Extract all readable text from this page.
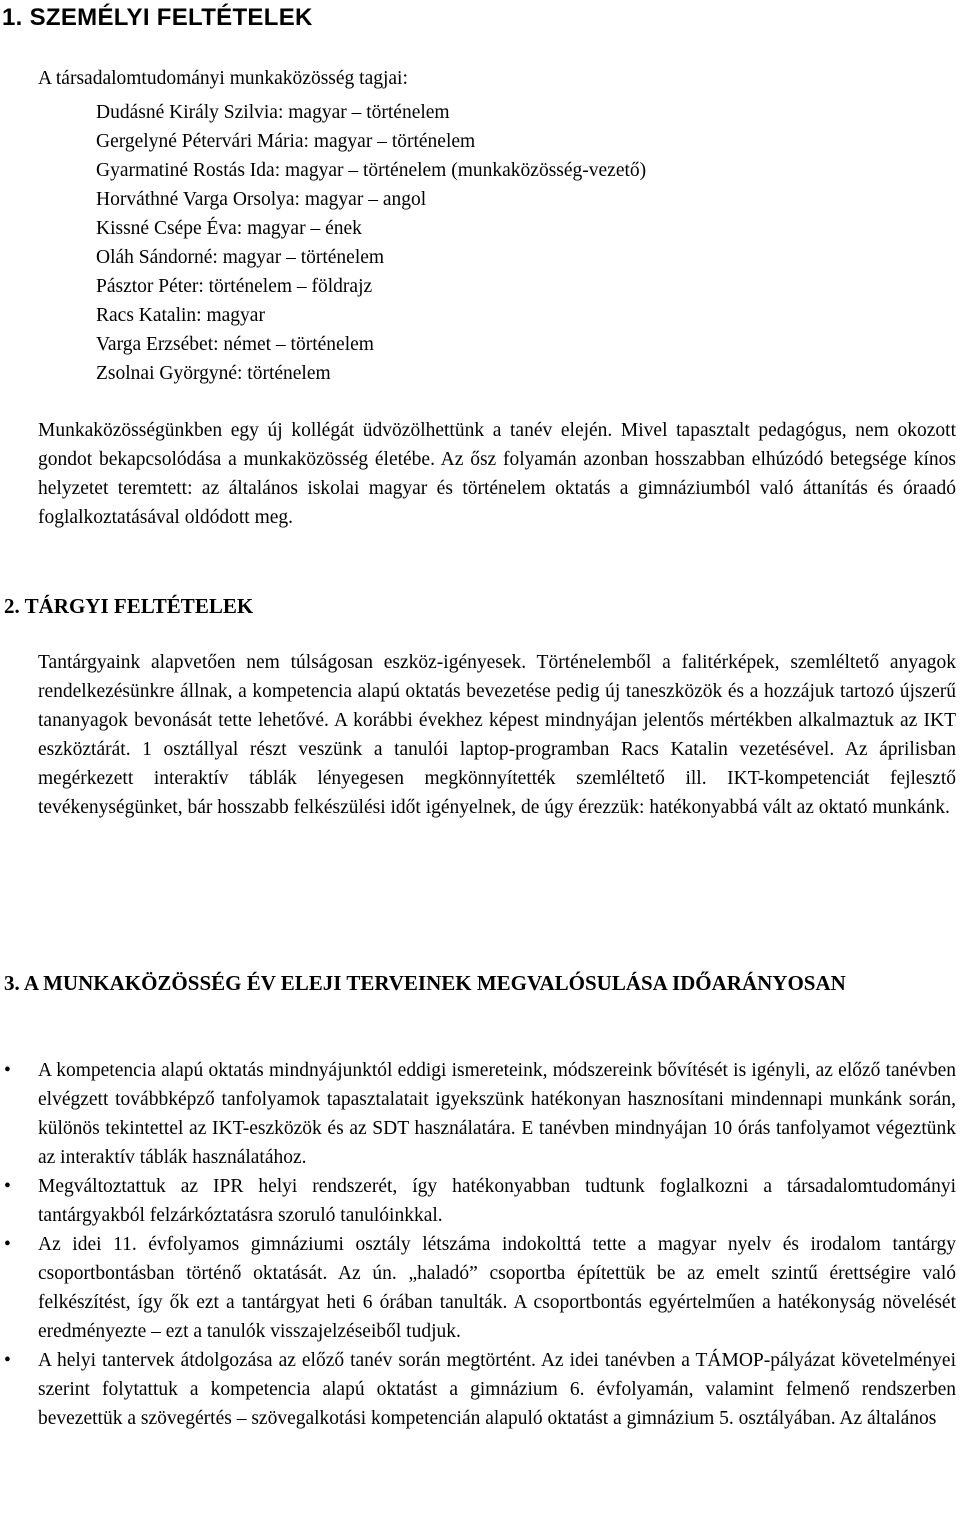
1. SZEMÉLYI FELTÉTELEK
A társadalomtudományi munkaközösség tagjai:
Dudásné Király Szilvia: magyar – történelem
Gergelyné Pétervári Mária: magyar – történelem
Gyarmatiné Rostás Ida: magyar – történelem (munkaközösség-vezető)
Horváthné Varga Orsolya: magyar – angol
Kissné Csépe Éva: magyar – ének
Oláh Sándorné: magyar – történelem
Pásztor Péter: történelem – földrajz
Racs Katalin: magyar
Varga Erzsébet: német – történelem
Zsolnai Györgyné: történelem
Munkaközösségünkben egy új kollégát üdvözölhettünk a tanév elején. Mivel tapasztalt pedagógus, nem okozott gondot bekapcsolódása a munkaközösség életébe. Az ősz folyamán azonban hosszabban elhúzódó betegsége kínos helyzetet teremtett: az általános iskolai magyar és történelem oktatás a gimnáziumból való áttanítás és óraadó foglalkoztatásával oldódott meg.
2. TÁRGYI FELTÉTELEK
Tantárgyaink alapvetően nem túlságosan eszköz-igényesek. Történelemből a falitérképek, szemléltető anyagok rendelkezésünkre állnak, a kompetencia alapú oktatás bevezetése pedig új taneszközök és a hozzájuk tartozó újszerű tananyagok bevonását tette lehetővé. A korábbi évekhez képest mindnyájan jelentős mértékben alkalmaztuk az IKT eszköztárát. 1 osztállyal részt veszünk a tanulói laptop-programban Racs Katalin vezetésével. Az áprilisban megérkezett interaktív táblák lényegesen megkönnyítették szemléltető ill. IKT-kompetenciát fejlesztő tevékenységünket, bár hosszabb felkészülési időt igényelnek, de úgy érezzük: hatékonyabbá vált az oktató munkánk.
3. A MUNKAKÖZÖSSÉG ÉV ELEJI TERVEINEK MEGVALÓSULÁSA IDŐARÁNYOSAN
•	A kompetencia alapú oktatás mindnyájunktól eddigi ismereteink, módszereink bővítését is igényli, az előző tanévben elvégzett továbbképző tanfolyamok tapasztalatait igyekszünk hatékonyan hasznosítani mindennapi munkánk során, különös tekintettel az IKT-eszközök és az SDT használatára. E tanévben mindnyájan 10 órás tanfolyamot végeztünk az interaktív táblák használatához.
•	Megváltoztattuk az IPR helyi rendszerét, így hatékonyabban tudtunk foglalkozni a társadalomtudományi tantárgyakból felzárkóztatásra szoruló tanulóinkkal.
•	Az idei 11. évfolyamos gimnáziumi osztály létszáma indokolttá tette a magyar nyelv és irodalom tantárgy csoportbontásban történő oktatását. Az ún. „haladó” csoportba építettük be az emelt szintű érettségire való felkészítést, így ők ezt a tantárgyat heti 6 órában tanulták. A csoportbontás egyértelműen a hatékonyság növelését eredményezte – ezt a tanulók visszajelzéseiből tudjuk.
•	A helyi tantervek átdolgozása az előző tanév során megtörtént. Az idei tanévben a TÁMOP-pályázat követelményei szerint folytattuk a kompetencia alapú oktatást a gimnázium 6. évfolyamán, valamint felmenő rendszerben bevezettük a szövegértés – szövegalkotási kompetencián alapuló oktatást a gimnázium 5. osztályában. Az általános
